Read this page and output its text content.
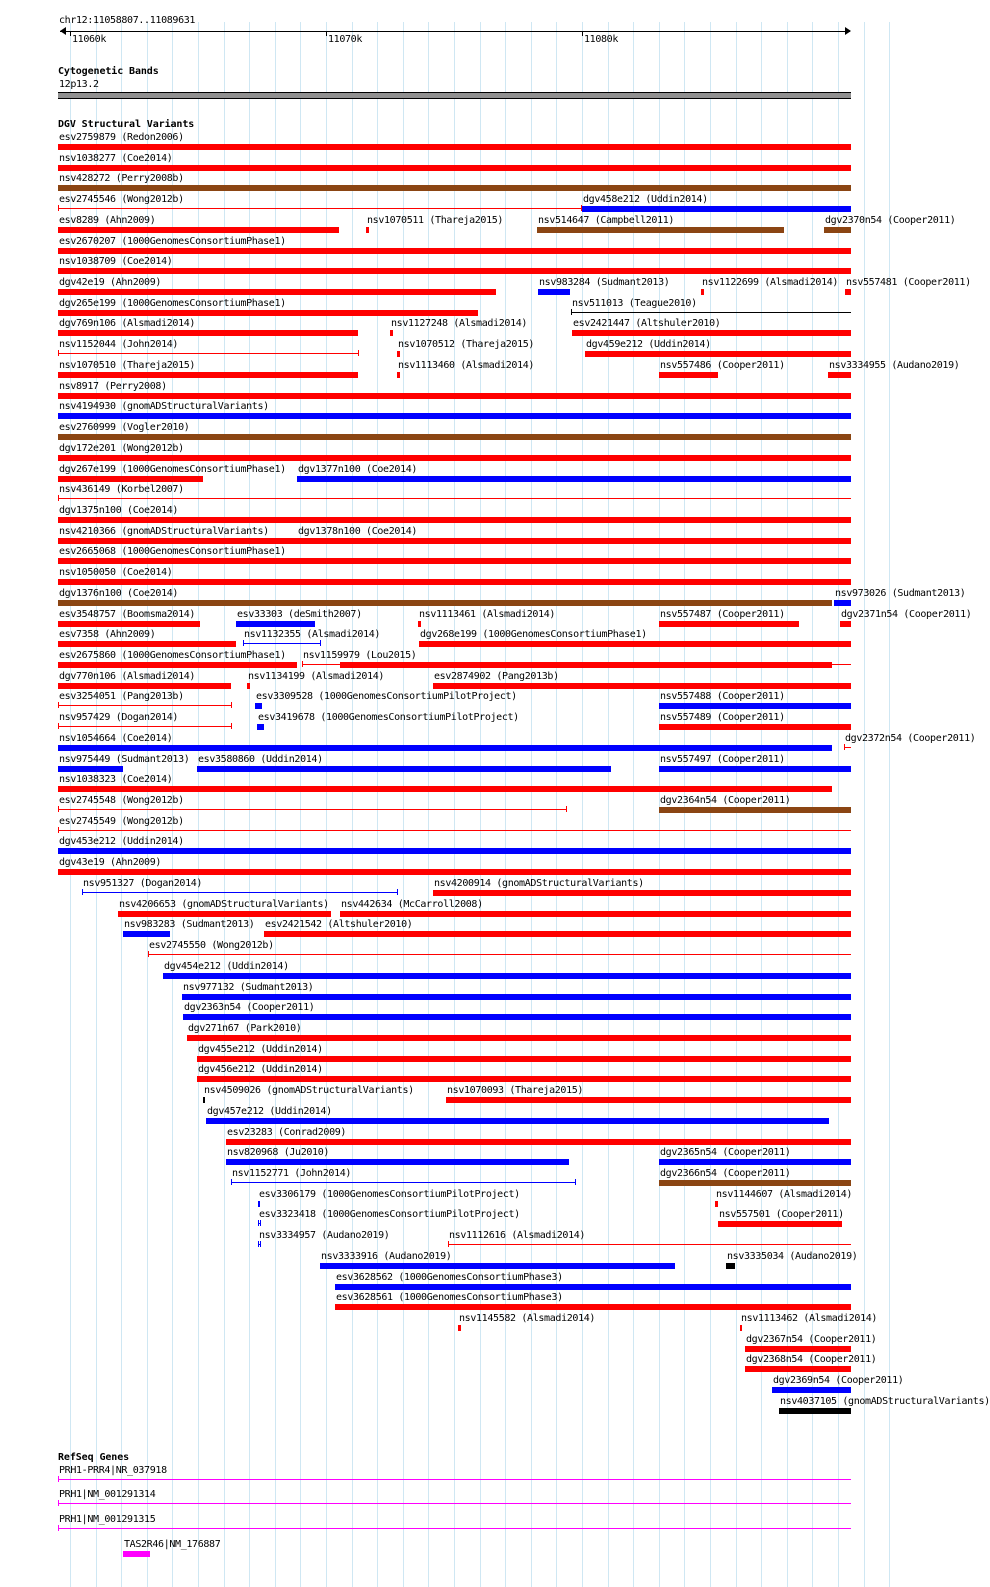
chr12:11058807..11089631
11060k	11070k	11080k
Cytogenetic Bands
12p13.2
DGV Structural Variants
esv2759879 (Redon2006)
nsv1038277 (Coe2014)
nsv428272 (Perry2008b)
esv2745546 (Wong2012b)	dgv458e212 (Uddin2014)
esv8289 (Ahn2009)	nsv1070511 (Thareja2015)	nsv514647 (Campbell2011)	dgv2370n54 (Cooper2011)
esv2670207 (1000GenomesConsortiumPhase1)
nsv1038709 (Coe2014)
dgv42e19 (Ahn2009)	nsv983284 (Sudmant2013)	nsv1122699 (Alsmadi2014) nsv557481 (Cooper2011)
dgv265e199 (1000GenomesConsortiumPhase1)	nsv511013 (Teague2010)
dgv769n106 (Alsmadi2014)	nsv1127248 (Alsmadi2014)	esv2421447 (Altshuler2010)
nsv1152044 (John2014)	nsv1070512 (Thareja2015)	dgv459e212 (Uddin2014)
nsv1070510 (Thareja2015)	nsv1113460 (Alsmadi2014)	nsv557486 (Cooper2011)	nsv3334955 (Audano2019)
nsv8917 (Perry2008)
nsv4194930 (gnomADStructuralVariants)
esv2760999 (Vogler2010)
dgv172e201 (Wong2012b)
dgv267e199 (1000GenomesConsortiumPhase1) dgv1377n100 (Coe2014)
nsv436149 (Korbel2007)
dgv1375n100 (Coe2014)
nsv4210366 (gnomADStructuralVariants)	dgv1378n100 (Coe2014)
esv2665068 (1000GenomesConsortiumPhase1)
nsv1050050 (Coe2014)
dgv1376n100 (Coe2014)	nsv973026 (Sudmant2013)
esv3548757 (Boomsma2014)	esv33303 (deSmith2007)	nsv1113461 (Alsmadi2014)	nsv557487 (Cooper2011)	dgv2371n54 (Cooper2011)
esv7358 (Ahn2009)	nsv1132355 (Alsmadi2014)	dgv268e199 (1000GenomesConsortiumPhase1)
esv2675860 (1000GenomesConsortiumPhase1) nsv1159979 (Lou2015)
dgv770n106 (Alsmadi2014)	nsv1134199 (Alsmadi2014)	esv2874902 (Pang2013b)
esv3254051 (Pang2013b)	esv3309528 (1000GenomesConsortiumPilotProject)	nsv557488 (Cooper2011)
nsv957429 (Dogan2014)	esv3419678 (1000GenomesConsortiumPilotProject)	nsv557489 (Cooper2011)
nsv1054664 (Coe2014)	dgv2372n54 (Cooper2011)
nsv975449 (Sudmant2013) esv3580860 (Uddin2014)	nsv557497 (Cooper2011)
nsv1038323 (Coe2014)
esv2745548 (Wong2012b)	dgv2364n54 (Cooper2011)
esv2745549 (Wong2012b)
dgv453e212 (Uddin2014)
dgv43e19 (Ahn2009)
nsv951327 (Dogan2014)	nsv4200914 (gnomADStructuralVariants)
nsv4206653 (gnomADStructuralVariants) nsv442634 (McCarroll2008)
nsv983283 (Sudmant2013) esv2421542 (Altshuler2010)
esv2745550 (Wong2012b)
dgv454e212 (Uddin2014)
nsv977132 (Sudmant2013)
dgv2363n54 (Cooper2011)
dgv271n67 (Park2010)
dgv455e212 (Uddin2014)
dgv456e212 (Uddin2014)
nsv4509026 (gnomADStructuralVariants)	nsv1070093 (Thareja2015)
dgv457e212 (Uddin2014)
esv23283 (Conrad2009)
nsv820968 (Ju2010)	dgv2365n54 (Cooper2011)
nsv1152771 (John2014)	dgv2366n54 (Cooper2011)
esv3306179 (1000GenomesConsortiumPilotProject)	nsv1144607 (Alsmadi2014)
esv3323418 (1000GenomesConsortiumPilotProject)	nsv557501 (Cooper2011)
nsv3334957 (Audano2019)	nsv1112616 (Alsmadi2014)
nsv3333916 (Audano2019)	nsv3335034 (Audano2019)
esv3628562 (1000GenomesConsortiumPhase3)
esv3628561 (1000GenomesConsortiumPhase3)
nsv1145582 (Alsmadi2014)	nsv1113462 (Alsmadi2014)
dgv2367n54 (Cooper2011)
dgv2368n54 (Cooper2011)
dgv2369n54 (Cooper2011)
nsv4037105 (gnomADStructuralVariants)
RefSeq Genes
PRH1-PRR4|NR_037918
PRH1|NM_001291314
PRH1|NM_001291315
TAS2R46|NM_176887
